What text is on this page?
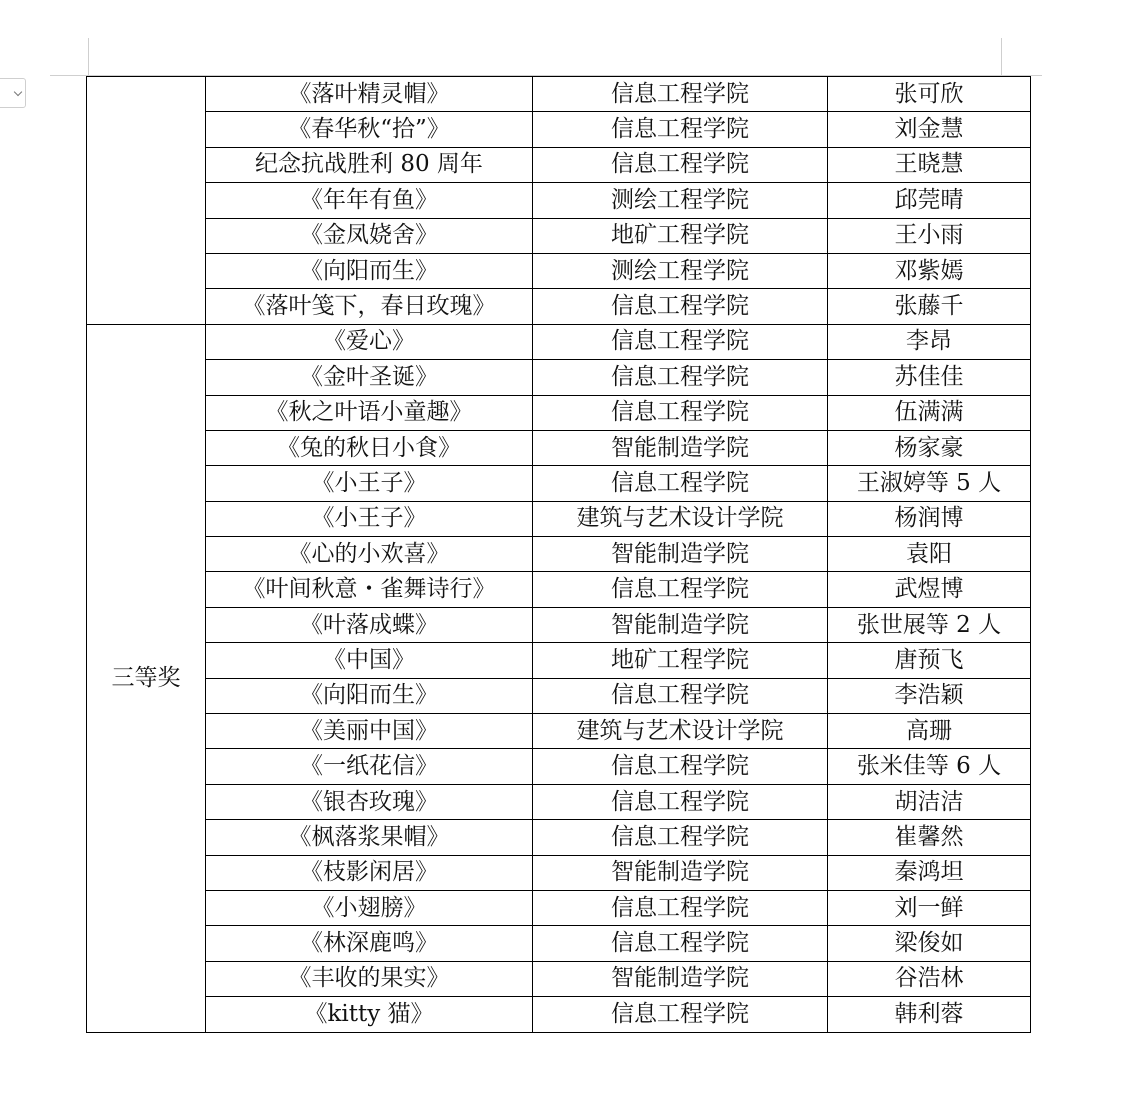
	《落叶精灵帽》	信息工程学院	张可欣
	《春华秋“拾”》	信息工程学院	刘金慧
	纪念抗战胜利 80 周年	信息工程学院	王晓慧
	《年年有鱼》	测绘工程学院	邱莞晴
	《金凤娆舍》	地矿工程学院	王小雨
	《向阳而生》	测绘工程学院	邓紫嫣
	《落叶笺下，春日玫瑰》	信息工程学院	张藤千
三等奖	《爱心》	信息工程学院	李昂
	《金叶圣诞》	信息工程学院	苏佳佳
	《秋之叶语小童趣》	信息工程学院	伍满满
	《兔的秋日小食》	智能制造学院	杨家豪
	《小王子》	信息工程学院	王淑婷等 5 人
	《小王子》	建筑与艺术设计学院	杨润博
	《心的小欢喜》	智能制造学院	袁阳
	《叶间秋意・雀舞诗行》	信息工程学院	武煜博
	《叶落成蝶》	智能制造学院	张世展等 2 人
	《中国》	地矿工程学院	唐预飞
	《向阳而生》	信息工程学院	李浩颖
	《美丽中国》	建筑与艺术设计学院	高珊
	《一纸花信》	信息工程学院	张米佳等 6 人
	《银杏玫瑰》	信息工程学院	胡洁洁
	《枫落浆果帽》	信息工程学院	崔馨然
	《枝影闲居》	智能制造学院	秦鸿坦
	《小翅膀》	信息工程学院	刘一鲜
	《林深鹿鸣》	信息工程学院	梁俊如
	《丰收的果实》	智能制造学院	谷浩林
	《kitty 猫》	信息工程学院	韩利蓉
